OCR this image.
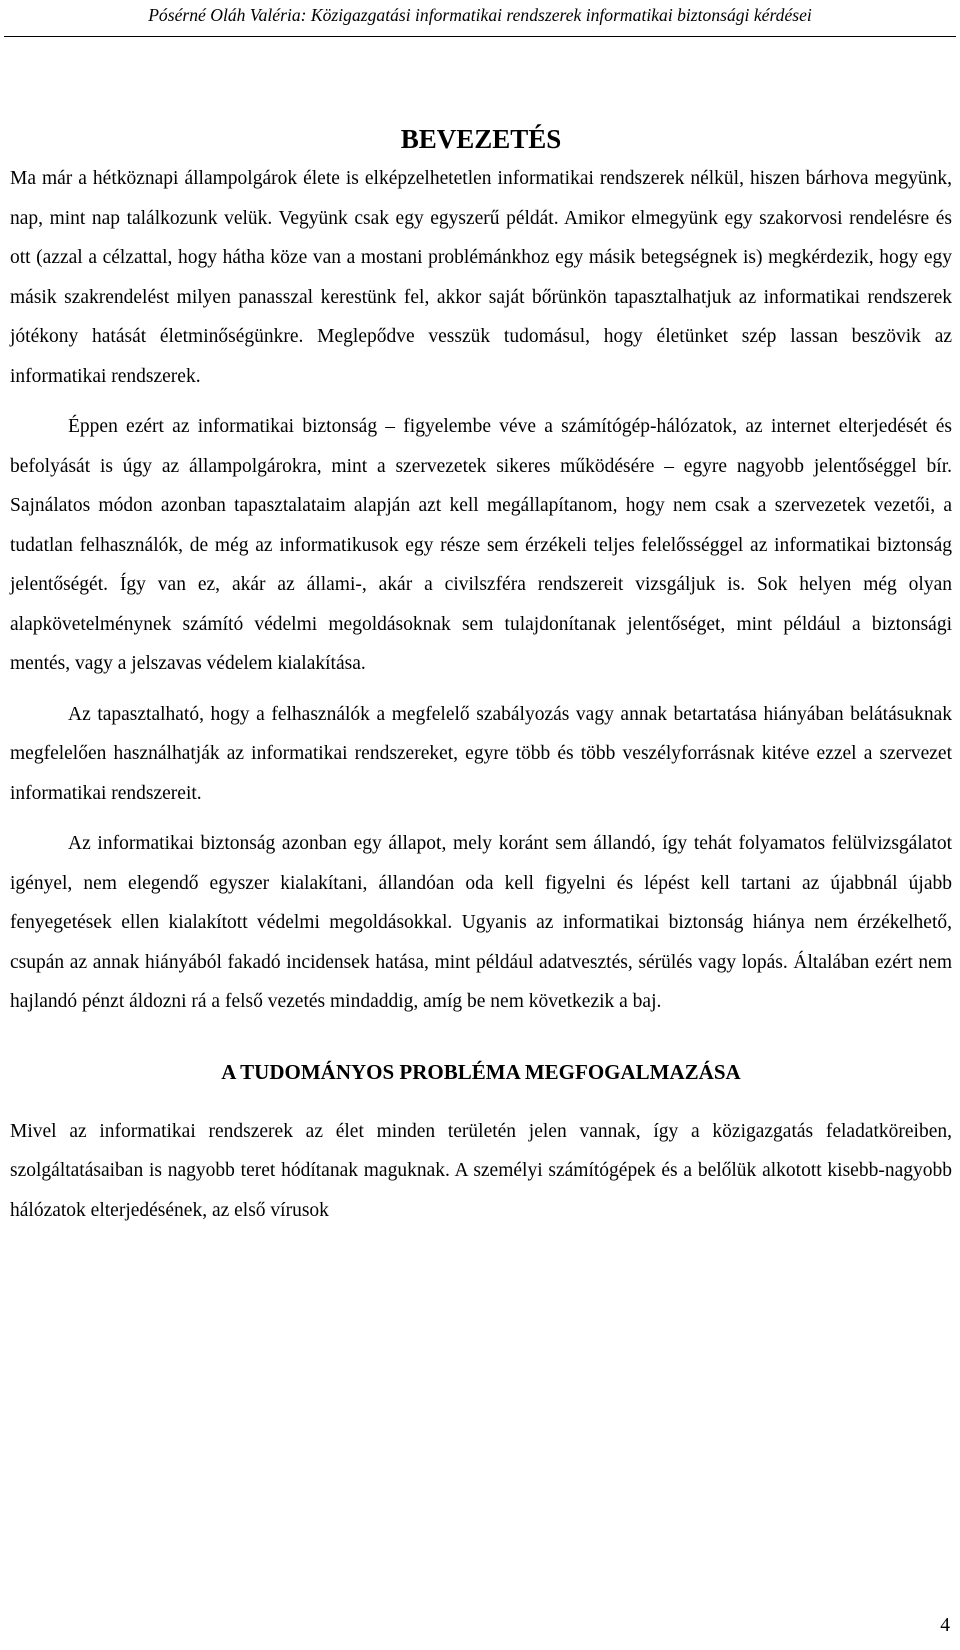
Pósérné Oláh Valéria: Közigazgatási informatikai rendszerek informatikai biztonsági kérdései
BEVEZETÉS

Ma már a hétköznapi állampolgárok élete is elképzelhetetlen informatikai rendszerek nélkül, hiszen bárhova megyünk, nap, mint nap találkozunk velük. Vegyünk csak egy egyszerű példát. Amikor elmegyünk egy szakorvosi rendelésre és ott (azzal a célzattal, hogy hátha köze van a mostani problémánkhoz egy másik betegségnek is) megkérdezik, hogy egy másik szakrendelést milyen panasszal kerestünk fel, akkor saját bőrünkön tapasztalhatjuk az informatikai rendszerek jótékony hatását életminőségünkre. Meglepődve vesszük tudomásul, hogy életünket szép lassan beszövik az informatikai rendszerek.

Éppen ezért az informatikai biztonság – figyelembe véve a számítógép-hálózatok, az internet elterjedését és befolyását is úgy az állampolgárokra, mint a szervezetek sikeres működésére – egyre nagyobb jelentőséggel bír. Sajnálatos módon azonban tapasztalataim alapján azt kell megállapítanom, hogy nem csak a szervezetek vezetői, a tudatlan felhasználók, de még az informatikusok egy része sem érzékeli teljes felelősséggel az informatikai biztonság jelentőségét. Így van ez, akár az állami-, akár a civilszféra rendszereit vizsgáljuk is. Sok helyen még olyan alapkövetelménynek számító védelmi megoldásoknak sem tulajdonítanak jelentőséget, mint például a biztonsági mentés, vagy a jelszavas védelem kialakítása.

Az tapasztalható, hogy a felhasználók a megfelelő szabályozás vagy annak betartatása hiányában belátásuknak megfelelően használhatják az informatikai rendszereket, egyre több és több veszélyforrásnak kitéve ezzel a szervezet informatikai rendszereit.

Az informatikai biztonság azonban egy állapot, mely koránt sem állandó, így tehát folyamatos felülvizsgálatot igényel, nem elegendő egyszer kialakítani, állandóan oda kell figyelni és lépést kell tartani az újabbnál újabb fenyegetések ellen kialakított védelmi megoldásokkal. Ugyanis az informatikai biztonság hiánya nem érzékelhető, csupán az annak hiányából fakadó incidensek hatása, mint például adatvesztés, sérülés vagy lopás. Általában ezért nem hajlandó pénzt áldozni rá a felső vezetés mindaddig, amíg be nem következik a baj.

A TUDOMÁNYOS PROBLÉMA MEGFOGALMAZÁSA

Mivel az informatikai rendszerek az élet minden területén jelen vannak, így a közigazgatás feladatköreiben, szolgáltatásaiban is nagyobb teret hódítanak maguknak. A személyi számítógépek és a belőlük alkotott kisebb-nagyobb hálózatok elterjedésének, az első vírusok

4
